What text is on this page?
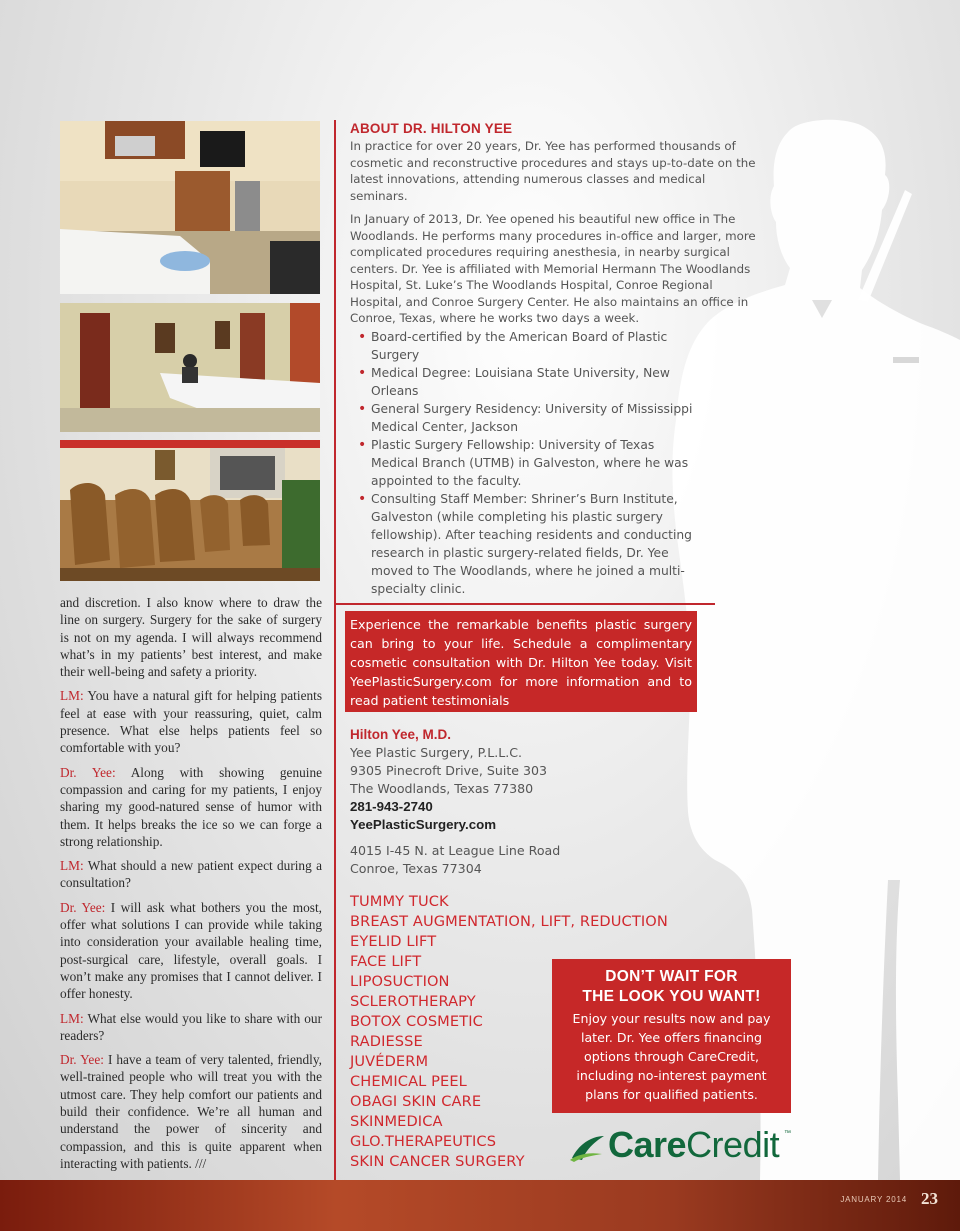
and discretion. I also know where to draw the line on surgery. Surgery for the sake of surgery is not on my agenda. I will always recommend what’s in my patients’ best interest, and make their well-being and safety a priority.

LM: You have a natural gift for helping patients feel at ease with your reassuring, quiet, calm presence. What else helps patients feel so comfortable with you?

Dr. Yee: Along with showing genuine compassion and caring for my patients, I enjoy sharing my good-natured sense of humor with them. It helps breaks the ice so we can forge a strong relationship.

LM: What should a new patient expect during a consultation?

Dr. Yee: I will ask what bothers you the most, offer what solutions I can provide while taking into consideration your available healing time, post-surgical care, lifestyle, overall goals. I won’t make any promises that I cannot deliver. I offer honesty.

LM: What else would you like to share with our readers?

Dr. Yee: I have a team of very talented, friendly, well-trained people who will treat you with the utmost care. They help comfort our patients and build their confidence. We’re all human and understand the power of sincerity and compassion, and this is quite apparent when interacting with patients. ///

ABOUT DR. HILTON YEE

In practice for over 20 years, Dr. Yee has performed thousands of cosmetic and reconstructive procedures and stays up-to-date on the latest innovations, attending numerous classes and medical seminars.

In January of 2013, Dr. Yee opened his beautiful new office in The Woodlands. He performs many procedures in-office and larger, more complicated procedures requiring anesthesia, in nearby surgical centers. Dr. Yee is affiliated with Memorial Hermann The Woodlands Hospital, St. Luke’s The Woodlands Hospital, Conroe Regional Hospital, and Conroe Surgery Center. He also maintains an office in Conroe, Texas, where he works two days a week.

• Board-certified by the American Board of Plastic Surgery
• Medical Degree: Louisiana State University, New Orleans
• General Surgery Residency: University of Mississippi Medical Center, Jackson
• Plastic Surgery Fellowship: University of Texas Medical Branch (UTMB) in Galveston, where he was appointed to the faculty.
• Consulting Staff Member: Shriner’s Burn Institute, Galveston (while completing his plastic surgery fellowship). After teaching residents and conducting research in plastic surgery-related fields, Dr. Yee moved to The Woodlands, where he joined a multi-specialty clinic.
Experience the remarkable benefits plastic surgery can bring to your life. Schedule a complimentary cosmetic consultation with Dr. Hilton Yee today. Visit YeePlasticSurgery.com for more information and to read patient testimonials
Hilton Yee, M.D.
Yee Plastic Surgery, P.L.L.C.
9305 Pinecroft Drive, Suite 303
The Woodlands, Texas 77380
281-943-2740
YeePlasticSurgery.com
4015 I-45 N. at League Line Road
Conroe, Texas 77304
TUMMY TUCK
BREAST AUGMENTATION, LIFT, REDUCTION
EYELID LIFT
FACE LIFT
LIPOSUCTION
SCLEROTHERAPY
BOTOX COSMETIC
RADIESSE
JUVÉDERM
CHEMICAL PEEL
OBAGI SKIN CARE
SKINMEDICA
GLO.THERAPEUTICS
SKIN CANCER SURGERY
DON’T WAIT FOR
THE LOOK YOU WANT!
Enjoy your results now and pay later. Dr. Yee offers financing options through CareCredit, including no-interest payment plans for qualified patients.
CareCredit ™
JANUARY 2014 23
